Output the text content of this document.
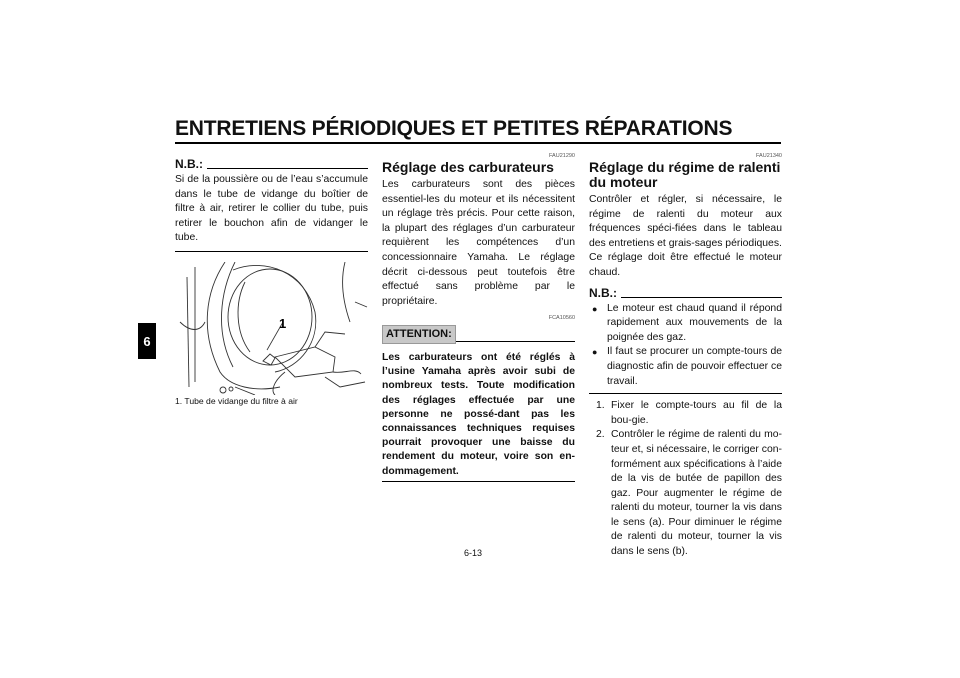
ENTRETIENS PÉRIODIQUES ET PETITES RÉPARATIONS
6
N.B.:

Si de la poussière ou de l’eau s’accumule dans le tube de vidange du boîtier de filtre à air, retirer le collier du tube, puis retirer le bouchon afin de vidanger le tube.

1
1. Tube de vidange du filtre à air
FAU21290
Réglage des carburateurs

Les carburateurs sont des pièces essentiel-les du moteur et ils nécessitent un réglage très précis. Pour cette raison, la plupart des réglages d’un carburateur requièrent les compétences d’un concessionnaire Yamaha. Le réglage décrit ci-dessous peut toutefois être effectué sans problème par le propriétaire.

FCA10560
ATTENTION:
Les carburateurs ont été réglés à l’usine Yamaha après avoir subi de nombreux tests. Toute modification des réglages effectuée par une personne ne possé-dant pas les connaissances techniques requises pourrait provoquer une baisse du rendement du moteur, voire son en-dommagement.
FAU21340
Réglage du régime de ralenti du moteur

Contrôler et régler, si nécessaire, le régime de ralenti du moteur aux fréquences spéci-fiées dans le tableau des entretiens et grais-sages périodiques.

Ce réglage doit être effectué le moteur chaud.

N.B.:
● Le moteur est chaud quand il répond rapidement aux mouvements de la poignée des gaz.
● Il faut se procurer un compte-tours de diagnostic afin de pouvoir effectuer ce travail.
1. Fixer le compte-tours au fil de la bou-gie.
2. Contrôler le régime de ralenti du mo-teur et, si nécessaire, le corriger con-formément aux spécifications à l’aide de la vis de butée de papillon des gaz. Pour augmenter le régime de ralenti du moteur, tourner la vis dans le sens (a). Pour diminuer le régime de ralenti du moteur, tourner la vis dans le sens (b).
6-13
